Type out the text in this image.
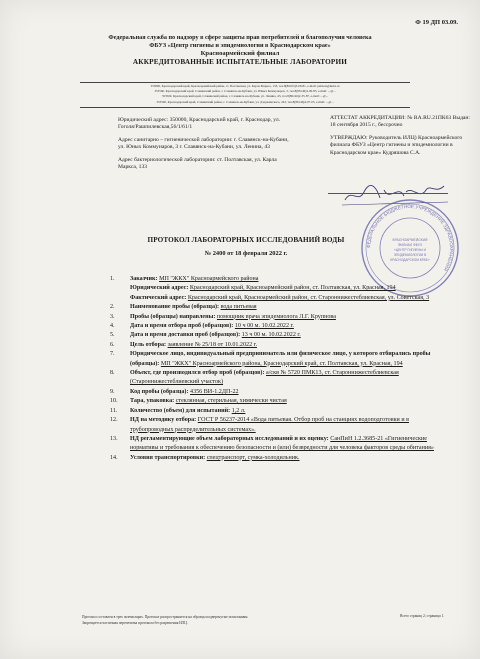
Ф 19 ДП 03.09.
Федеральная служба по надзору в сфере защиты прав потребителей и благополучия человека
ФБУЗ «Центр гигиены и эпидемиологии в Краснодарском крае»
Красноармейский филиал
АККРЕДИТОВАННЫЕ ИСПЫТАТЕЛЬНЫЕ ЛАБОРАТОРИИ
353800, Краснодарский край, Красноармейский район, ст. Полтавская, ул. Карла Маркса, 133, тел.8(86165)3-09-81, e-mail: pubzesi@kubz.ru
353560, Краснодарский край, Славянский район, г. Славянск-на-Кубани, ул. Юных Коммунаров, 3, тел.8(86146)4-09-85, e-mail: ...@...
353560, Краснодарский край, Славянский район, г. Славянск-на-Кубани, ул. Ленина, 43, тел.8(86146)2-35-87, e-mail: ...@...
353560, Краснодарский край, Славянский район, г. Славянск-на-Кубани, ул. Дзержинского, 243, тел.8(86146)4-07-05, e-mail: ...@...

Юридический адрес: 350000, Краснодарский край, г. Краснодар, ул. Гоголя/Рашпилевская,56/1/61/1

Адрес санитарно – гигиенической лаборатории: г. Славянск-на-Кубани, ул. Юных Коммунаров, 3 г. Славянск-на-Кубани, ул. Ленина, 43

Адрес бактериологической лаборатории: ст. Полтавская, ул. Карла Маркса, 133

АТТЕСТАТ АККРЕДИТАЦИИ: № RA.RU.21ПК63 Выдан: 18 сентября 2015 г., бессрочно

УТВЕРЖДАЮ: Руководитель ИЛЦ) Красноармейского филиала ФБУЗ «Центр гигиены и эпидемиологии в Краснодарском крае» Кудряшова С.А.

ФЕДЕРАЛЬНОЕ БЮДЖЕТНОЕ УЧРЕЖДЕНИЕ ЗДРАВООХРАНЕНИЯ
КРАСНОАРМЕЙСКИЙ
ФИЛИАЛ ФБУЗ
«ЦЕНТР ГИГИЕНЫ И
ЭПИДЕМИОЛОГИИ В
КРАСНОДАРСКОМ КРАЕ»
ПРОТОКОЛ ЛАБОРАТОРНЫХ ИССЛЕДОВАНИЙ ВОДЫ
№ 2400 от 18 февраля 2022 г.
1.	Заказчик: МП "ЖКХ" Красноармейского района
Юридический адрес: Краснодарский край, Красноармейский район, ст. Полтавская, ул. Красная, 194
Фактический адрес: Краснодарский край, Красноармейский район, ст. Староннижестеблиевская, ул. Советская, 3
2.	Наименование пробы (образца): вода питьевая
3.	Пробы (образцы) направлены: помощник врача эпидемиолога Л.Г. Крупнова
4.	Дата и время отбора проб (образцов): 10 ч 00 м. 10.02.2022 г.
5.	Дата и время доставки проб (образцов): 13 ч 00 м. 10.02.2022 г.
6.	Цель отбора: заявление № 25/18 от 10.01.2022 г.
7.	Юридическое лицо, индивидуальный предприниматель или физическое лицо, у которого отбирались пробы (образцы): МП "ЖКХ" Красноармейского района, Краснодарский край, ст. Полтавская, ул. Красная, 194
8.	Объект, где производился отбор проб (образцов): а/скв № 5720 ПМК13, ст. Староннижестеблиевская (Староннижестеблиевский участок)
9.	Код пробы (образца): 4356 ВИ-1.2ДП-22
10. Тара, упаковка: стеклянная, стерильная, химически чистая
11. Количество (объем) для испытаний: 1,2 л.
12. НД на методику отбора: ГОСТ Р 56237-2014 «Вода питьевая. Отбор проб на станциях водоподготовки и в трубопроводных распределительных системах».
13. НД регламентирующие объем лабораторных исследований и их оценку: СанПиН 1.2.3685-21 «Гигиенические нормативы и требования к обеспечению безопасности и (или) безвредности для человека факторов среды обитания»
14. Условия транспортировки: спецтранспорт, сумка-холодильник.
Протокол составлен в трех экземплярах. Протокол распространяется на образцы подвергнутые испытаниям.
Запрещается частичная перепечатка протокола без разрешения ИЛЦ.
Всего страниц 2; страница 1.
